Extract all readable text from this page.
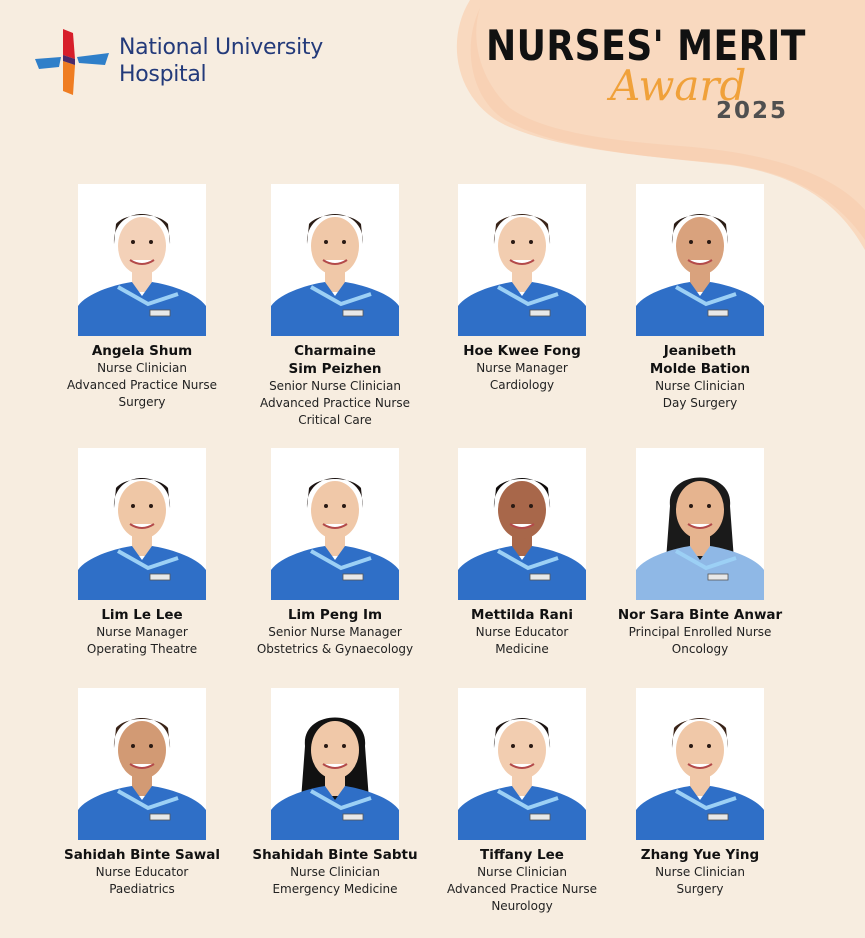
National University
Hospital
NURSES' MERIT
Award
2025
Angela Shum
Nurse Clinician
Advanced Practice Nurse
Surgery
Charmaine
Sim Peizhen
Senior Nurse Clinician
Advanced Practice Nurse
Critical Care
Hoe Kwee Fong
Nurse Manager
Cardiology
Jeanibeth
Molde Bation
Nurse Clinician
Day Surgery
Lim Le Lee
Nurse Manager
Operating Theatre
Lim Peng Im
Senior Nurse Manager
Obstetrics & Gynaecology
Mettilda Rani
Nurse Educator
Medicine
Nor Sara Binte Anwar
Principal Enrolled Nurse
Oncology
Sahidah Binte Sawal
Nurse Educator
Paediatrics
Shahidah Binte Sabtu
Nurse Clinician
Emergency Medicine
Tiffany Lee
Nurse Clinician
Advanced Practice Nurse
Neurology
Zhang Yue Ying
Nurse Clinician
Surgery
